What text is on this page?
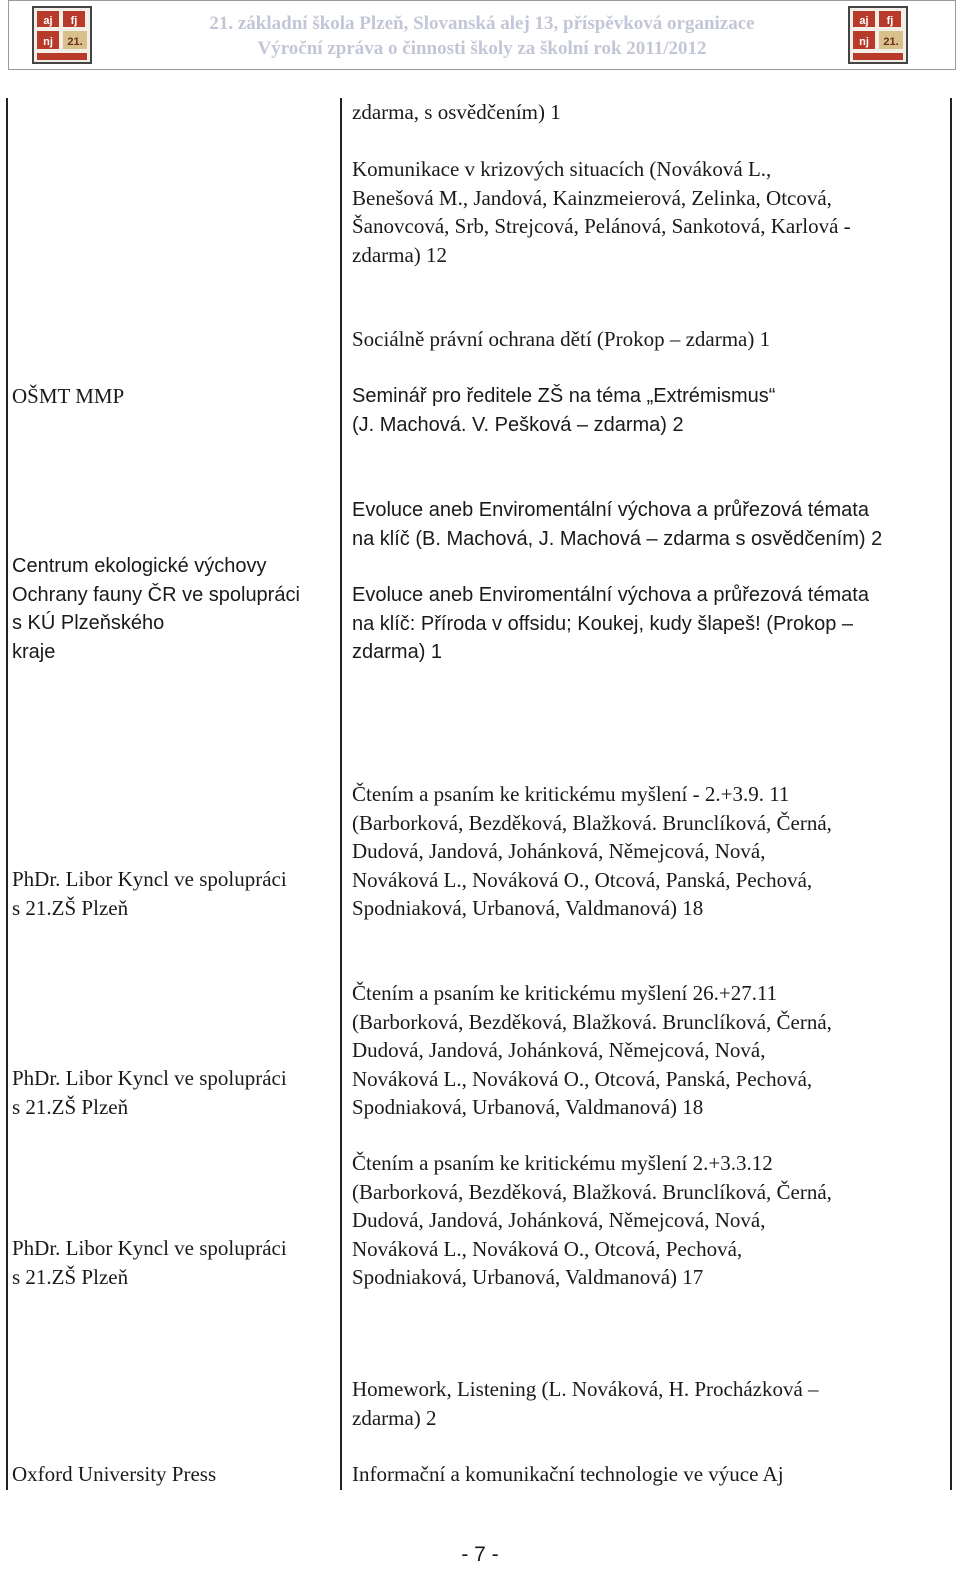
aj fj
nj 21.
21. základní škola Plzeň, Slovanská alej 13, příspěvková organizace
Výroční zpráva o činnosti školy za školní rok 2011/2012
aj fj
nj 21.
zdarma, s osvědčením) 1
Komunikace v krizových situacích (Nováková L.,
Benešová M., Jandová, Kainzmeierová, Zelinka, Otcová,
Šanovcová, Srb, Strejcová, Pelánová, Sankotová, Karlová -
zdarma) 12
Sociálně právní ochrana dětí (Prokop – zdarma) 1
OŠMT MMP	Seminář pro ředitele ZŠ na téma „Extrémismus“
(J. Machová. V. Pešková – zdarma) 2
Centrum ekologické výchovy
Ochrany fauny ČR ve spolupráci
s KÚ Plzeňského
kraje
Evoluce aneb Enviromentální výchova a průřezová témata
na klíč (B. Machová, J. Machová – zdarma s osvědčením) 2
Evoluce aneb Enviromentální výchova a průřezová témata
na klíč: Příroda v offsidu; Koukej, kudy šlapeš! (Prokop –
zdarma) 1
PhDr. Libor Kyncl ve spolupráci
s 21.ZŠ Plzeň
Čtením a psaním ke kritickému myšlení - 2.+3.9. 11
(Barborková, Bezděková, Blažková. Brunclíková, Černá,
Dudová, Jandová, Johánková, Němejcová, Nová,
Nováková L., Nováková O., Otcová, Panská, Pechová,
Spodniaková, Urbanová, Valdmanová) 18
PhDr. Libor Kyncl ve spolupráci
s 21.ZŠ Plzeň
Čtením a psaním ke kritickému myšlení 26.+27.11
(Barborková, Bezděková, Blažková. Brunclíková, Černá,
Dudová, Jandová, Johánková, Němejcová, Nová,
Nováková L., Nováková O., Otcová, Panská, Pechová,
Spodniaková, Urbanová, Valdmanová) 18
PhDr. Libor Kyncl ve spolupráci
s 21.ZŠ Plzeň
Čtením a psaním ke kritickému myšlení 2.+3.3.12
(Barborková, Bezděková, Blažková. Brunclíková, Černá,
Dudová, Jandová, Johánková, Němejcová, Nová,
Nováková L., Nováková O., Otcová, Pechová,
Spodniaková, Urbanová, Valdmanová) 17
Oxford University Press
Homework, Listening (L. Nováková, H. Procházková –
zdarma) 2
Informační a komunikační technologie ve výuce Aj
- 7 -
